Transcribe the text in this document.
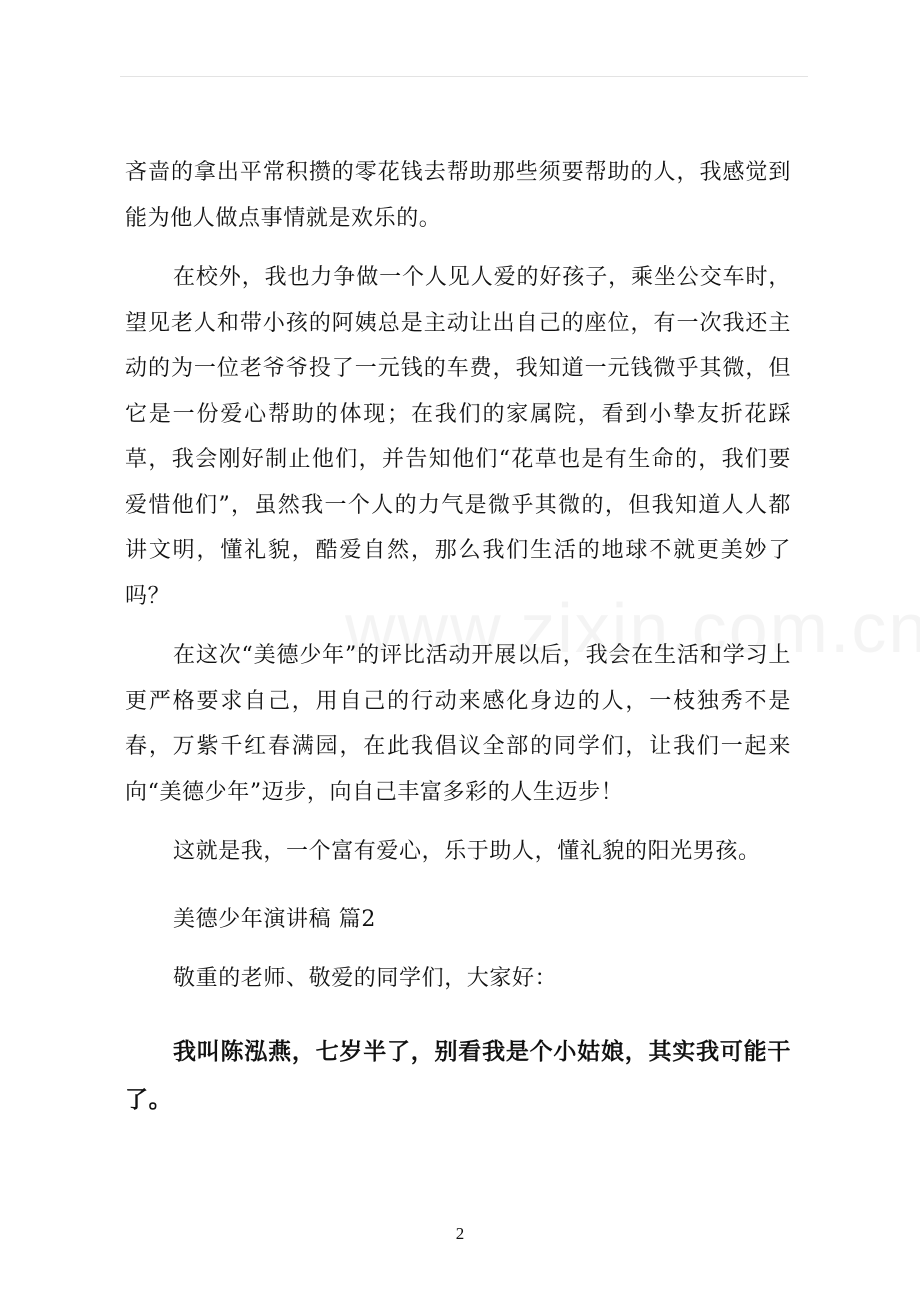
吝啬的拿出平常积攒的零花钱去帮助那些须要帮助的人，我感觉到能为他人做点事情就是欢乐的。

在校外，我也力争做一个人见人爱的好孩子，乘坐公交车时，望见老人和带小孩的阿姨总是主动让出自己的座位，有一次我还主动的为一位老爷爷投了一元钱的车费，我知道一元钱微乎其微，但它是一份爱心帮助的体现；在我们的家属院，看到小挚友折花踩草，我会刚好制止他们，并告知他们“花草也是有生命的，我们要爱惜他们”，虽然我一个人的力气是微乎其微的，但我知道人人都讲文明，懂礼貌，酷爱自然，那么我们生活的地球不就更美妙了吗？

在这次“美德少年”的评比活动开展以后，我会在生活和学习上更严格要求自己，用自己的行动来感化身边的人，一枝独秀不是春，万紫千红春满园，在此我倡议全部的同学们，让我们一起来向“美德少年”迈步，向自己丰富多彩的人生迈步！

这就是我，一个富有爱心，乐于助人，懂礼貌的阳光男孩。

美德少年演讲稿 篇2

敬重的老师、敬爱的同学们，大家好：

我叫陈泓燕，七岁半了，别看我是个小姑娘，其实我可能干了。

2
